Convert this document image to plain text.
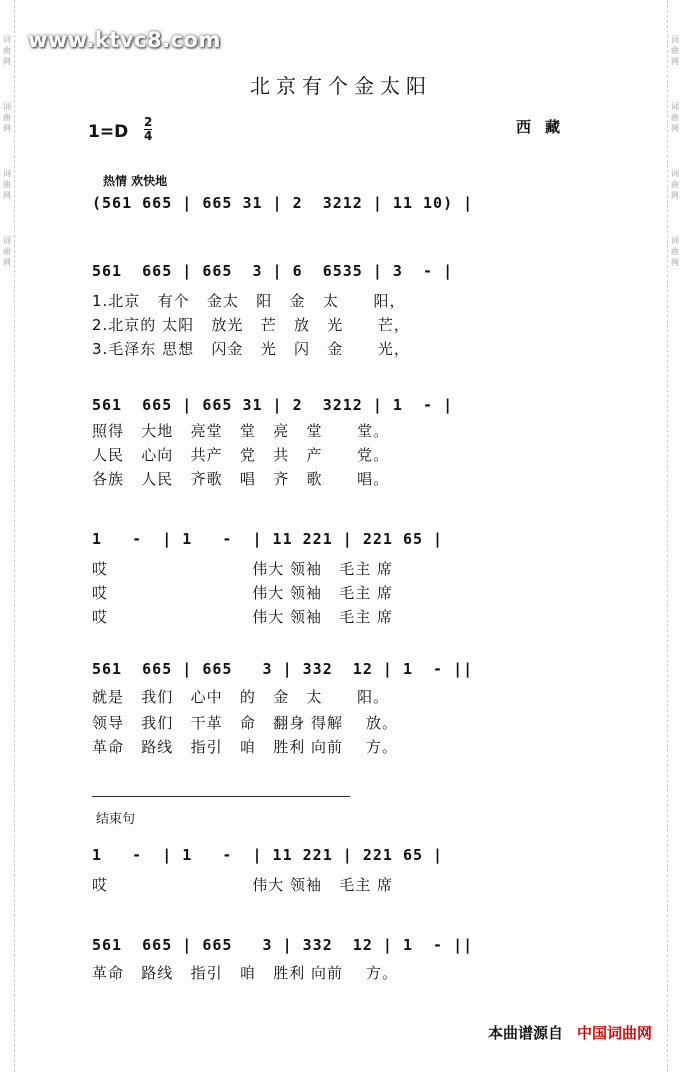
词曲网
词曲网
词曲网
词曲网
词曲网
词曲网
词曲网
词曲网
www.ktvc8.com
北京有个金太阳
$1=D \frac{2}{4}$	西藏
热情 欢快地
(561 665 | 665 31 | 2  3212 | 11 10) |
561  665 | 665  3 | 6  6535 | 3  - |
1.北京   有个   金太   阳   金   太      阳，
2.北京的 太阳   放光   芒   放   光      芒，
3.毛泽东 思想   闪金   光   闪   金      光，
561  665 | 665 31 | 2  3212 | 1  - |
照得   大地   亮堂   堂   亮   堂      堂。
人民   心向   共产   党   共   产      党。
各族   人民   齐歌   唱   齐   歌      唱。
1   -  | 1   -  | 11 221 | 221 65 |
哎                         伟大 领袖   毛主 席
哎                         伟大 领袖   毛主 席
哎                         伟大 领袖   毛主 席
561  665 | 665   3 | 332  12 | 1  - ||
就是   我们   心中   的   金   太      阳。
领导   我们   干革   命   翻身 得解    放。
革命   路线   指引   咱   胜利 向前    方。
结束句
1   -  | 1   -  | 11 221 | 221 65 |
哎                         伟大 领袖   毛主 席
561  665 | 665   3 | 332  12 | 1  - ||
革命   路线   指引   咱   胜利 向前    方。
本曲谱源自 中国词曲网
